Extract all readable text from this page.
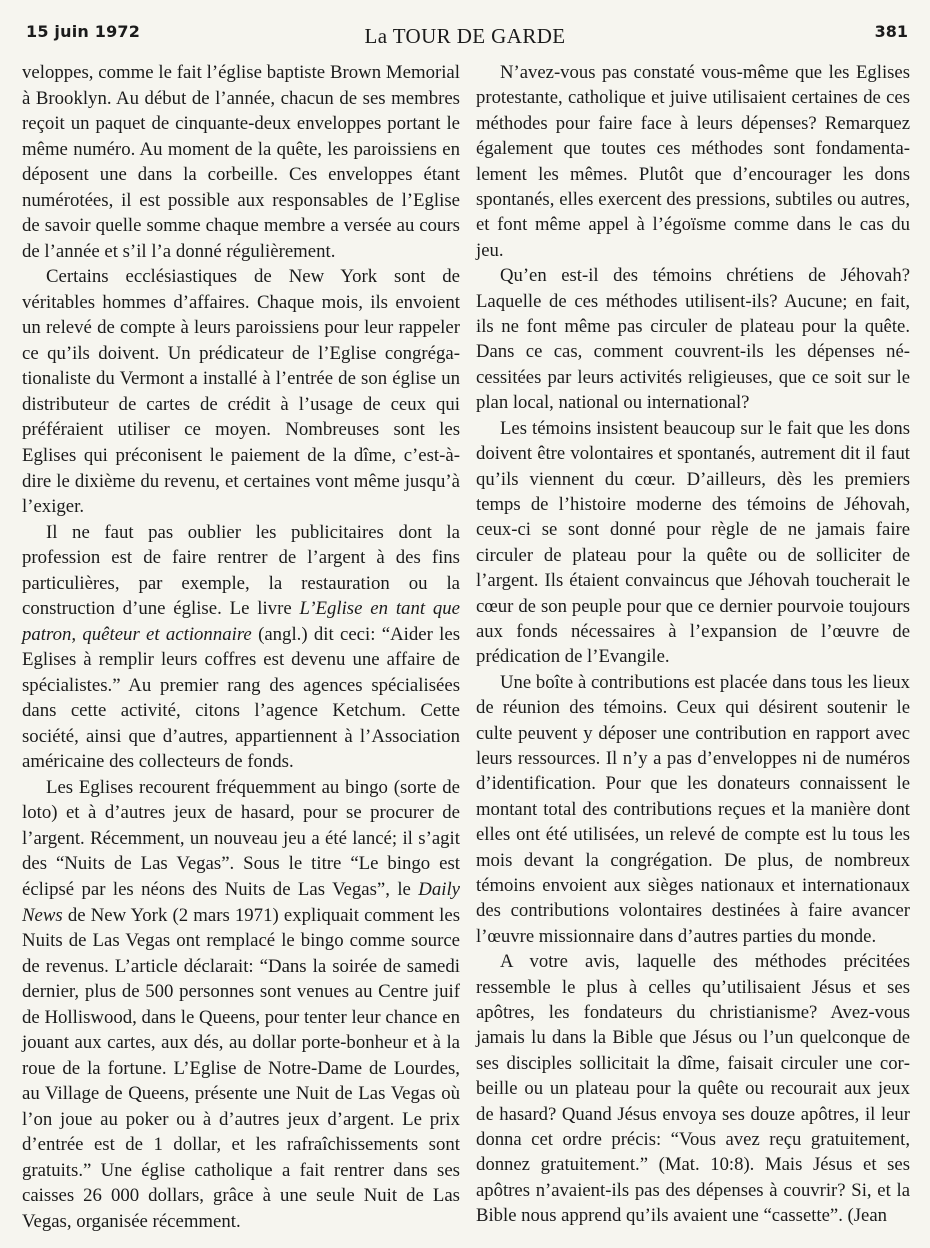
15 juin 1972	La TOUR DE GARDE	381

veloppes, comme le fait l’église baptiste Brown Memorial à Brooklyn. Au début de l’année, chacun de ses membres reçoit un paquet de cinquante-deux enveloppes portant le même numéro. Au moment de la quête, les paroissiens en déposent une dans la corbeille. Ces enveloppes étant numérotées, il est possible aux responsables de l’Eglise de savoir quelle somme chaque membre a versée au cours de l’année et s’il l’a donné régulièrement.

Certains ecclésiastiques de New York sont de véritables hommes d’affaires. Chaque mois, ils envoient un relevé de compte à leurs paroissiens pour leur rappeler ce qu’ils doivent. Un prédicateur de l’Eglise congrégationaliste du Vermont a installé à l’entrée de son église un distributeur de cartes de crédit à l’usage de ceux qui préféraient utiliser ce moyen. Nombreuses sont les Eglises qui préconisent le paiement de la dîme, c’est-à-dire le dixième du revenu, et certaines vont même jusqu’à l’exiger.

Il ne faut pas oublier les publicitaires dont la profession est de faire rentrer de l’argent à des fins particulières, par exemple, la restauration ou la construction d’une église. Le livre L’Eglise en tant que patron, quêteur et actionnaire (angl.) dit ceci: “Aider les Eglises à remplir leurs coffres est devenu une affaire de spécialistes.” Au premier rang des agences spécialisées dans cette activité, citons l’agence Ketchum. Cette société, ainsi que d’autres, appartiennent à l’Association américaine des collecteurs de fonds.

Les Eglises recourent fréquemment au bingo (sorte de loto) et à d’autres jeux de hasard, pour se procurer de l’argent. Récemment, un nouveau jeu a été lancé; il s’agit des “Nuits de Las Vegas”. Sous le titre “Le bingo est éclipsé par les néons des Nuits de Las Vegas”, le Daily News de New York (2 mars 1971) expliquait comment les Nuits de Las Vegas ont remplacé le bingo comme source de revenus. L’article déclarait: “Dans la soirée de samedi dernier, plus de 500 personnes sont venues au Centre juif de Holliswood, dans le Queens, pour tenter leur chance en jouant aux cartes, aux dés, au dollar porte-bonheur et à la roue de la fortune. L’Eglise de Notre-Dame de Lourdes, au Village de Queens, présente une Nuit de Las Vegas où l’on joue au poker ou à d’autres jeux d’argent. Le prix d’entrée est de 1 dollar, et les rafraîchissements sont gratuits.” Une église catholique a fait rentrer dans ses caisses 26 000 dollars, grâce à une seule Nuit de Las Vegas, organisée récemment.

N’avez-vous pas constaté vous-même que les Eglises protestante, catholique et juive utilisaient certaines de ces méthodes pour faire face à leurs dépenses? Remarquez également que toutes ces méthodes sont fondamentalement les mêmes. Plutôt que d’encourager les dons spontanés, elles exercent des pressions, subtiles ou autres, et font même appel à l’égoïsme comme dans le cas du jeu.

Qu’en est-il des témoins chrétiens de Jéhovah? Laquelle de ces méthodes utilisent-ils? Aucune; en fait, ils ne font même pas circuler de plateau pour la quête. Dans ce cas, comment couvrent-ils les dépenses nécessitées par leurs activités religieuses, que ce soit sur le plan local, national ou international?

Les témoins insistent beaucoup sur le fait que les dons doivent être volontaires et spontanés, autrement dit il faut qu’ils viennent du cœur. D’ailleurs, dès les premiers temps de l’histoire moderne des témoins de Jéhovah, ceux-ci se sont donné pour règle de ne jamais faire circuler de plateau pour la quête ou de solliciter de l’argent. Ils étaient convaincus que Jéhovah toucherait le cœur de son peuple pour que ce dernier pourvoie toujours aux fonds nécessaires à l’expansion de l’œuvre de prédication de l’Evangile.

Une boîte à contributions est placée dans tous les lieux de réunion des témoins. Ceux qui désirent soutenir le culte peuvent y déposer une contribution en rapport avec leurs ressources. Il n’y a pas d’enveloppes ni de numéros d’identification. Pour que les donateurs connaissent le montant total des contributions reçues et la manière dont elles ont été utilisées, un relevé de compte est lu tous les mois devant la congrégation. De plus, de nombreux témoins envoient aux sièges nationaux et internationaux des contributions volontaires destinées à faire avancer l’œuvre missionnaire dans d’autres parties du monde.

A votre avis, laquelle des méthodes précitées ressemble le plus à celles qu’utilisaient Jésus et ses apôtres, les fondateurs du christianisme? Avez-vous jamais lu dans la Bible que Jésus ou l’un quelconque de ses disciples sollicitait la dîme, faisait circuler une corbeille ou un plateau pour la quête ou recourait aux jeux de hasard? Quand Jésus envoya ses douze apôtres, il leur donna cet ordre précis: “Vous avez reçu gratuitement, donnez gratuitement.” (Mat. 10:8). Mais Jésus et ses apôtres n’avaient-ils pas des dépenses à couvrir? Si, et la Bible nous apprend qu’ils avaient une “cassette”. (Jean
